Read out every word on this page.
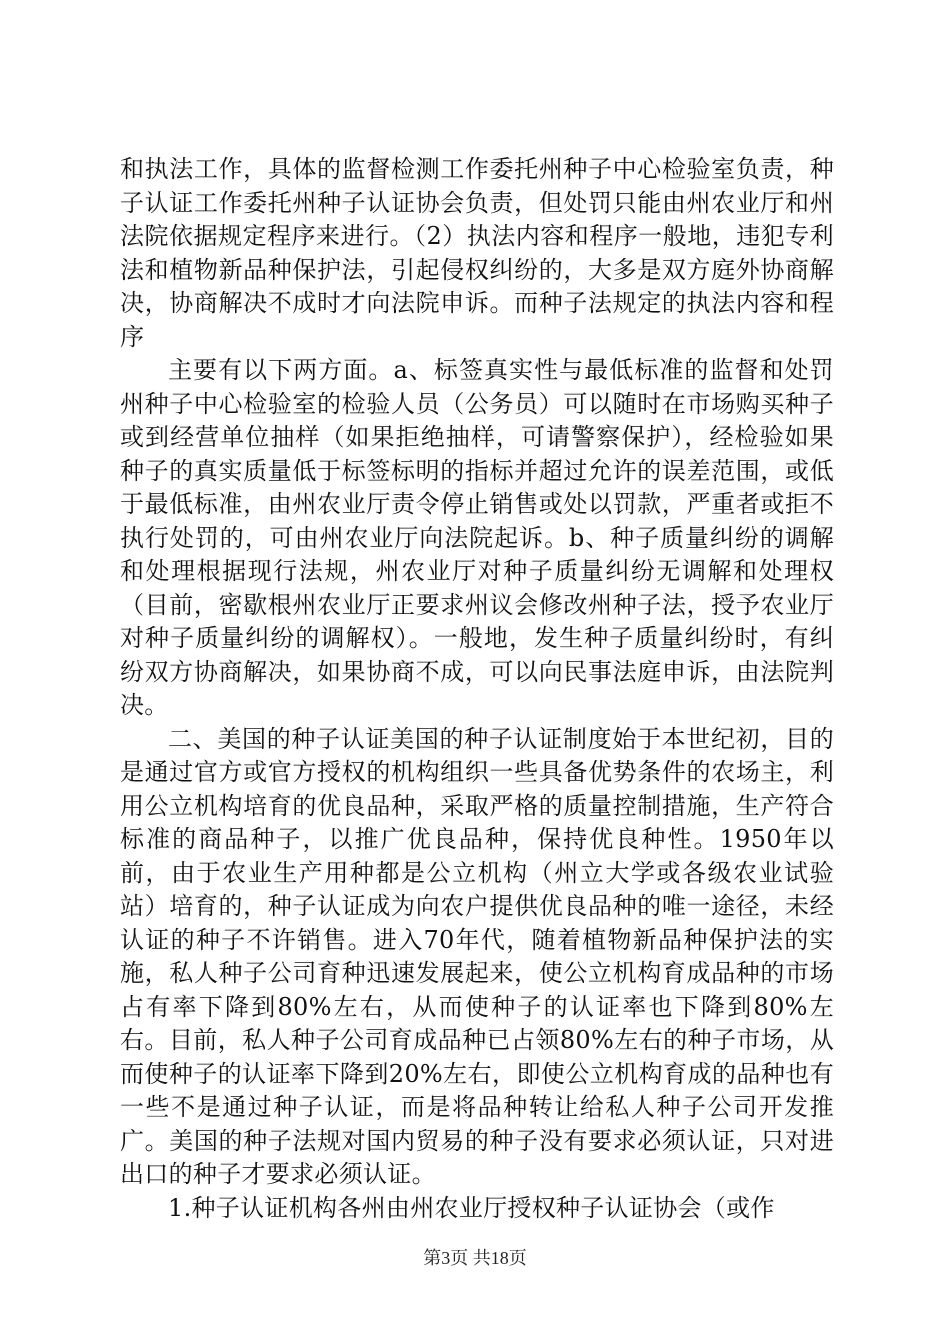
和执法工作，具体的监督检测工作委托州种子中心检验室负责，种子认证工作委托州种子认证协会负责，但处罚只能由州农业厅和州法院依据规定程序来进行。（2）执法内容和程序一般地，违犯专利法和植物新品种保护法，引起侵权纠纷的，大多是双方庭外协商解决，协商解决不成时才向法院申诉。而种子法规定的执法内容和程序

主要有以下两方面。a、标签真实性与最低标准的监督和处罚州种子中心检验室的检验人员（公务员）可以随时在市场购买种子或到经营单位抽样（如果拒绝抽样，可请警察保护），经检验如果种子的真实质量低于标签标明的指标并超过允许的误差范围，或低于最低标准，由州农业厅责令停止销售或处以罚款，严重者或拒不执行处罚的，可由州农业厅向法院起诉。b、种子质量纠纷的调解和处理根据现行法规，州农业厅对种子质量纠纷无调解和处理权（目前，密歇根州农业厅正要求州议会修改州种子法，授予农业厅对种子质量纠纷的调解权）。一般地，发生种子质量纠纷时，有纠纷双方协商解决，如果协商不成，可以向民事法庭申诉，由法院判决。

二、美国的种子认证美国的种子认证制度始于本世纪初，目的是通过官方或官方授权的机构组织一些具备优势条件的农场主，利用公立机构培育的优良品种，采取严格的质量控制措施，生产符合标准的商品种子，以推广优良品种，保持优良种性。1950年以前，由于农业生产用种都是公立机构（州立大学或各级农业试验站）培育的，种子认证成为向农户提供优良品种的唯一途径，未经认证的种子不许销售。进入70年代，随着植物新品种保护法的实施，私人种子公司育种迅速发展起来，使公立机构育成品种的市场占有率下降到80%左右，从而使种子的认证率也下降到80%左右。目前，私人种子公司育成品种已占领80%左右的种子市场，从而使种子的认证率下降到20%左右，即使公立机构育成的品种也有一些不是通过种子认证，而是将品种转让给私人种子公司开发推广。美国的种子法规对国内贸易的种子没有要求必须认证，只对进出口的种子才要求必须认证。

1.种子认证机构各州由州农业厅授权种子认证协会（或作

第3页 共18页
